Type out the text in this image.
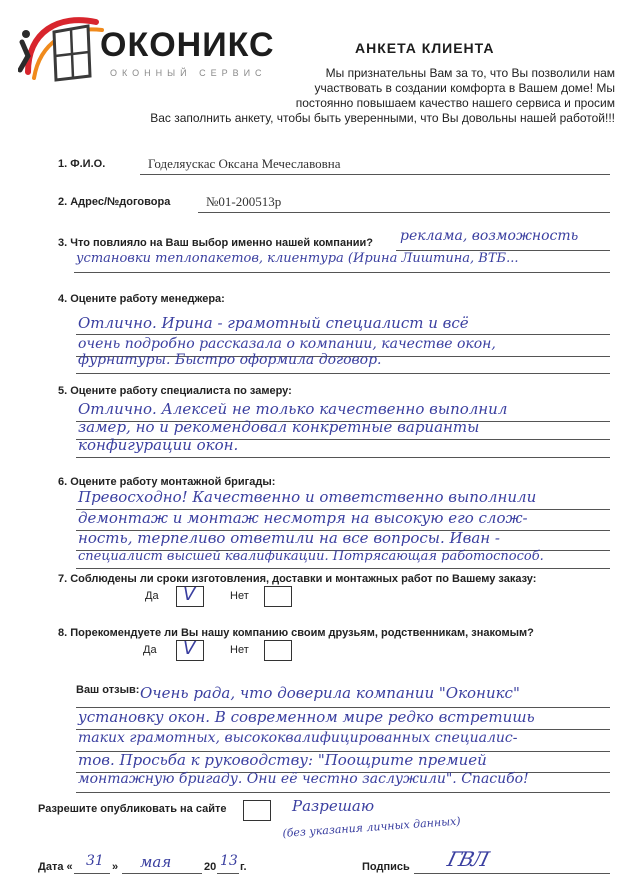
ОКОНИКС
ОКОННЫЙ СЕРВИС
АНКЕТА КЛИЕНТА
Мы признательны Вам за то, что Вы позволили нам
участвовать в создании комфорта в Вашем доме! Мы
постоянно повышаем качество нашего сервиса и просим
Вас заполнить анкету, чтобы быть уверенными, что Вы довольны нашей работой!!!
1. Ф.И.О.	Годеляускас Оксана Мечеславовна
2. Адрес/№договора	№01-200513р
3. Что повлияло на Ваш выбор именно нашей компании? реклама, возможность
установки теплопакетов, клиентура (Ирина Лиштина, ВТБ...
4. Оцените работу менеджера:
Отлично. Ирина - грамотный специалист и всё
очень подробно рассказала о компании, качестве окон,
фурнитуры. Быстро оформила договор.
5. Оцените работу специалиста по замеру:
Отлично. Алексей не только качественно выполнил
замер, но и рекомендовал конкретные варианты
конфигурации окон.
6. Оцените работу монтажной бригады:
Превосходно! Качественно и ответственно выполнили
демонтаж и монтаж несмотря на высокую его слож-
ность, терпеливо ответили на все вопросы. Иван -
специалист высшей квалификации. Потрясающая работоспособ.
7. Соблюдены ли сроки изготовления, доставки и монтажных работ по Вашему заказу:
Да V	Нет
8. Порекомендуете ли Вы нашу компанию своим друзьям, родственникам, знакомым?
Да V	Нет
Ваш отзыв: Очень рада, что доверила компании "Оконикс"
установку окон. В современном мире редко встретишь
таких грамотных, высококвалифицированных специалис-
тов. Просьба к руководству: "Поощрите премией
монтажную бригаду. Они её честно заслужили". Спасибо!
Разрешите опубликовать на сайте	Разрешаю
(без указания личных данных)
Дата « 31 » мая	20 13 г.	Подпись ГВЛ
